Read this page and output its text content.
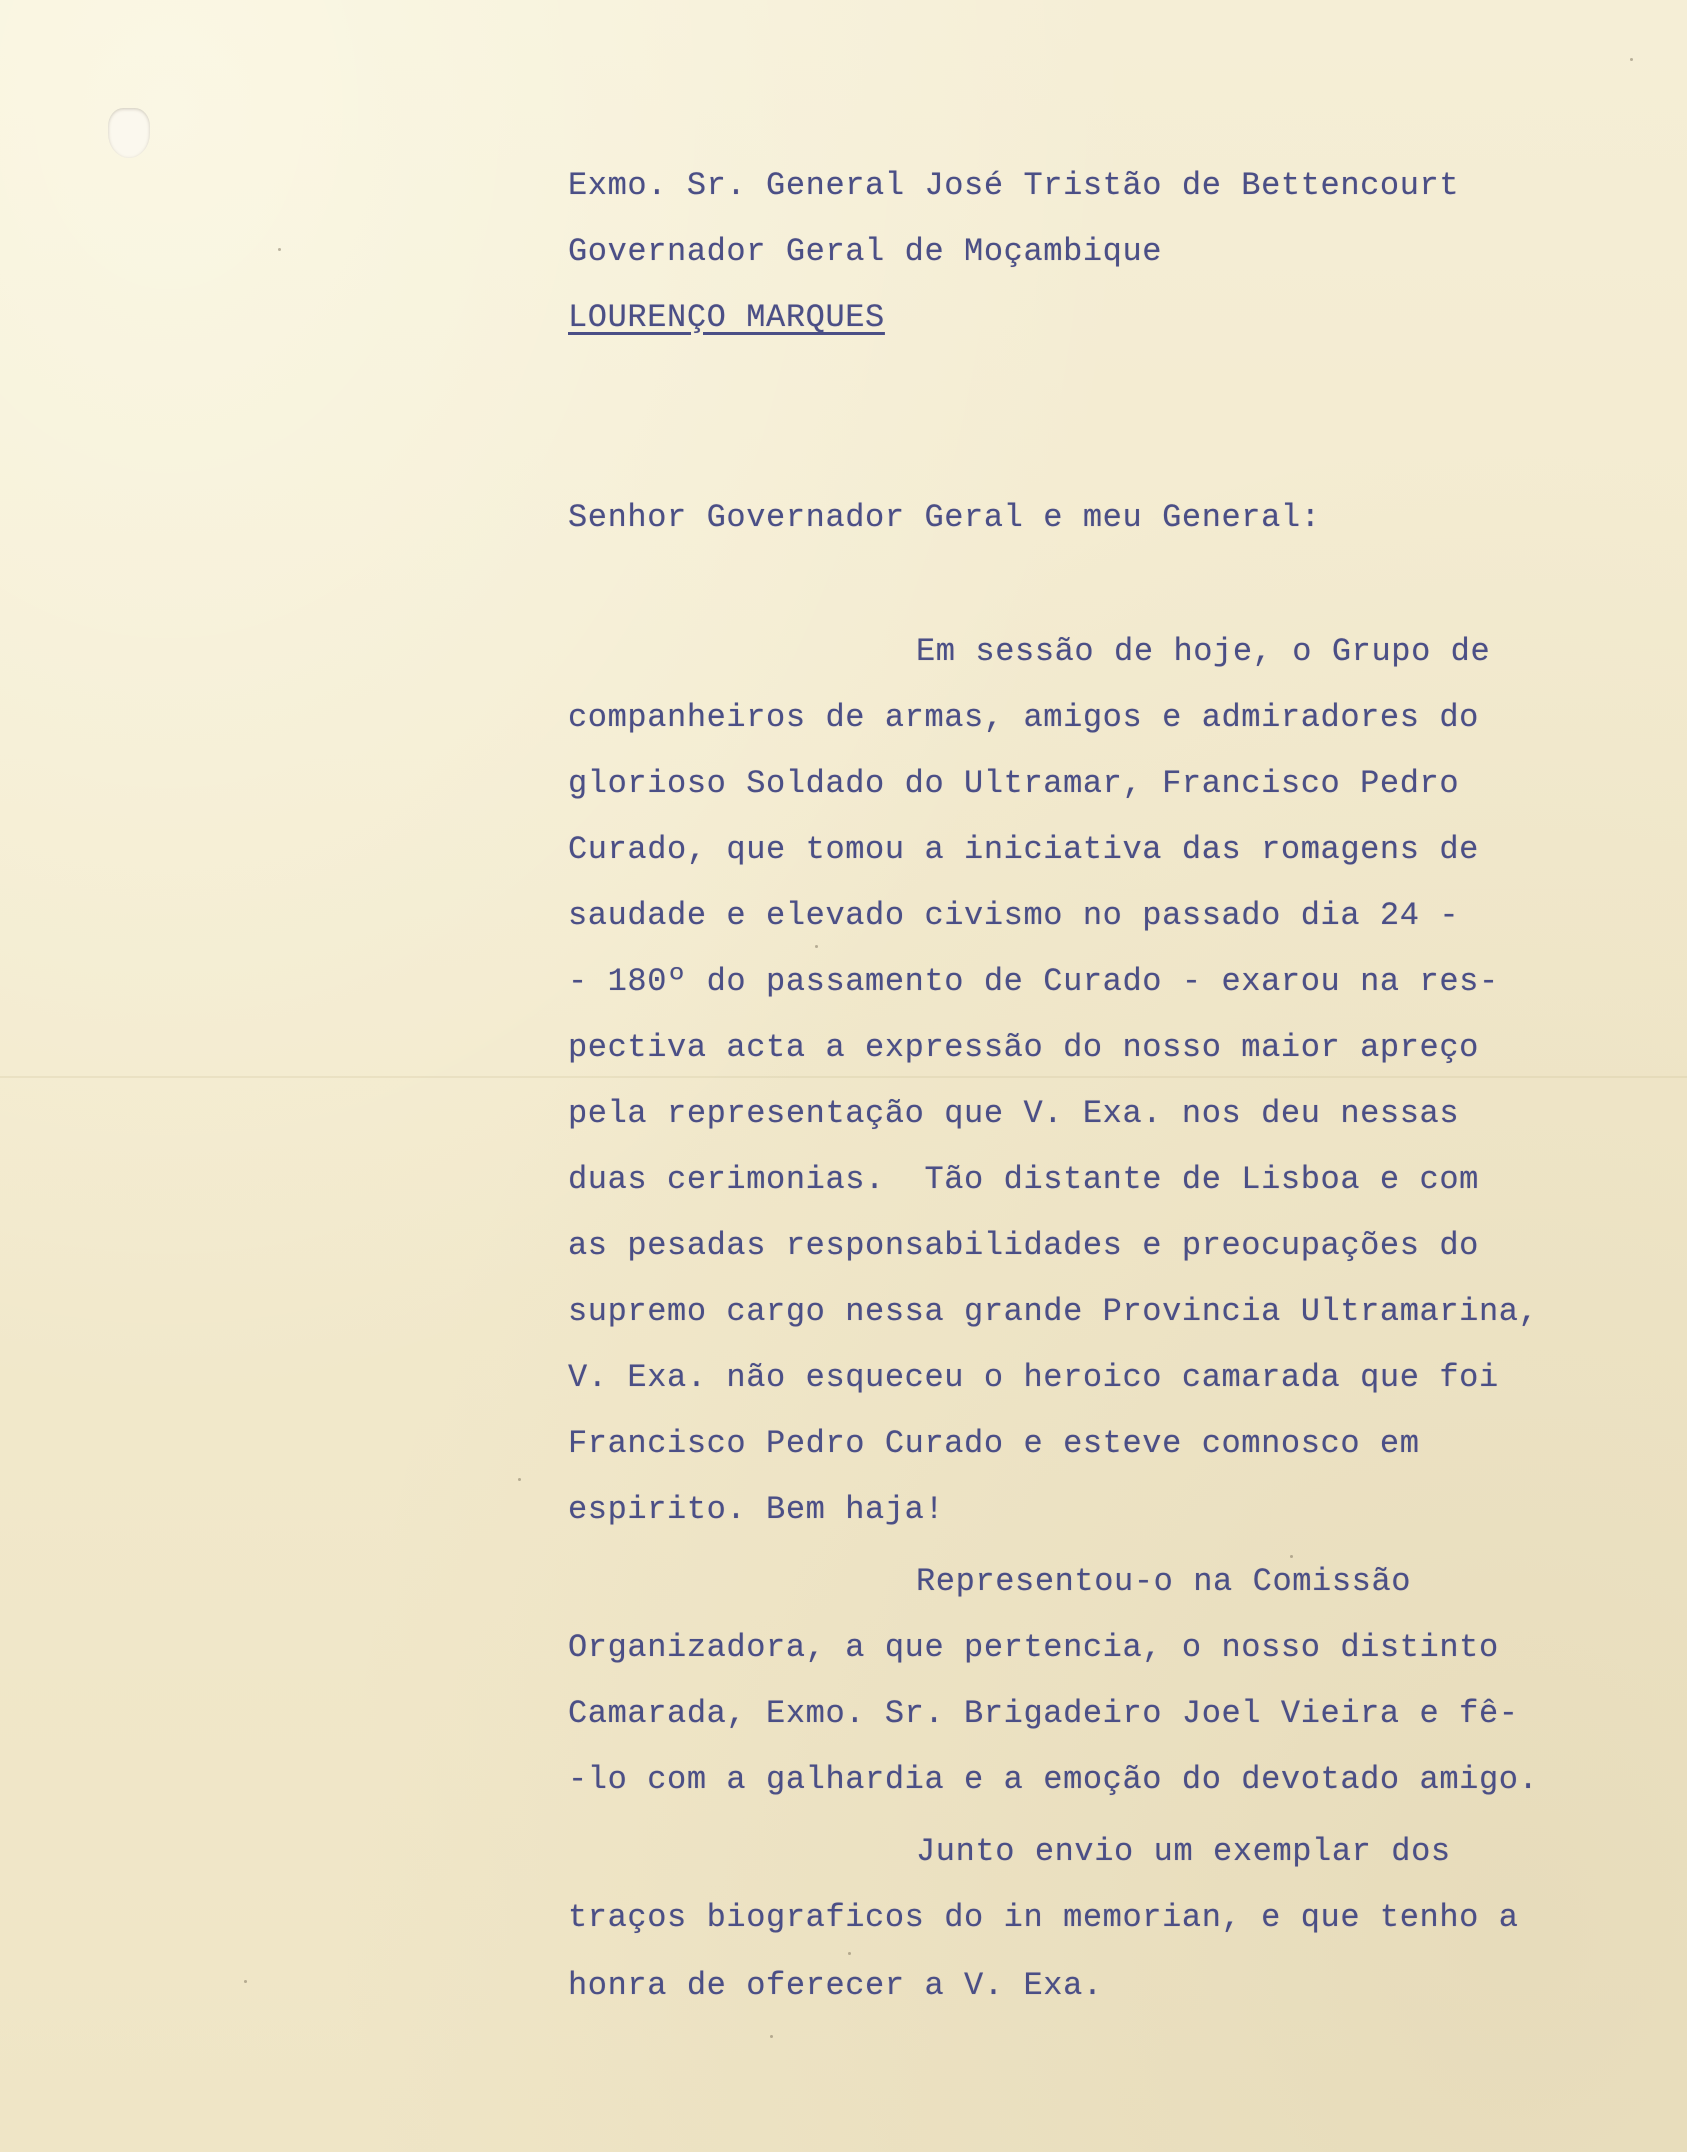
Exmo. Sr. General José Tristão de Bettencourt

Governador Geral de Moçambique

LOURENÇO MARQUES

Senhor Governador Geral e meu General:

Em sessão de hoje, o Grupo de

companheiros de armas, amigos e admiradores do

glorioso Soldado do Ultramar, Francisco Pedro

Curado, que tomou a iniciativa das romagens de

saudade e elevado civismo no passado dia 24 -

- 180º do passamento de Curado - exarou na res-

pectiva acta a expressão do nosso maior apreço

pela representação que V. Exa. nos deu nessas

duas cerimonias.  Tão distante de Lisboa e com

as pesadas responsabilidades e preocupações do

supremo cargo nessa grande Provincia Ultramarina,

V. Exa. não esqueceu o heroico camarada que foi

Francisco Pedro Curado e esteve comnosco em

espirito. Bem haja!

Representou-o na Comissão

Organizadora, a que pertencia, o nosso distinto

Camarada, Exmo. Sr. Brigadeiro Joel Vieira e fê-

-lo com a galhardia e a emoção do devotado amigo.

Junto envio um exemplar dos

traços biograficos do in memorian, e que tenho a

honra de oferecer a V. Exa.
